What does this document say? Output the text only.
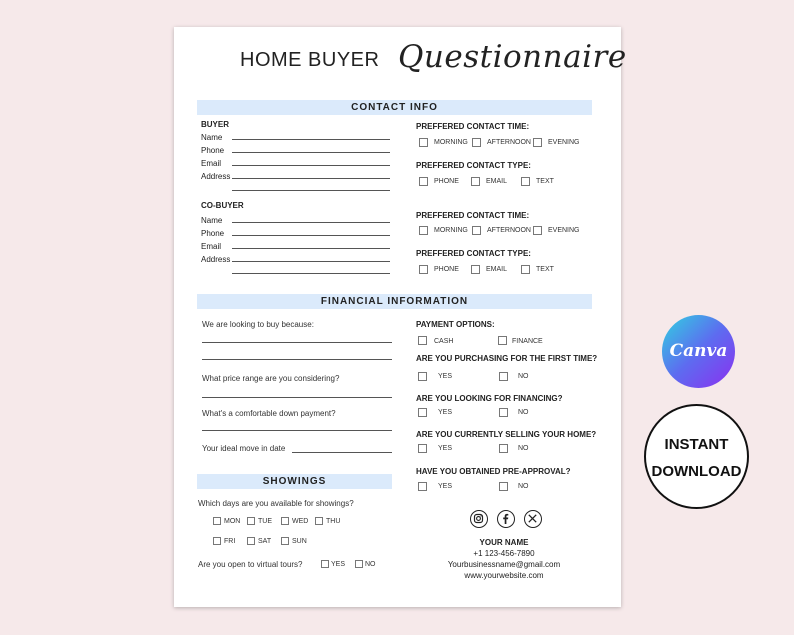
HOME BUYER Questionnaire
CONTACT INFO
BUYER
Name
Phone
Email
Address
PREFFERED CONTACT TIME:
MORNING	AFTERNOON EVENING
PREFFERED CONTACT TYPE:
PHONE	EMAIL	TEXT
CO-BUYER
Name
Phone
Email
Address
PREFFERED CONTACT TIME:
MORNING	AFTERNOON EVENING
PREFFERED CONTACT TYPE:
PHONE	EMAIL	TEXT
FINANCIAL INFORMATION
We are looking to buy because:
What price range are you considering?
What's a comfortable down payment?
Your ideal move in date
PAYMENT OPTIONS:
CASH	FINANCE
ARE YOU PURCHASING FOR THE FIRST TIME?
YES	NO
ARE YOU LOOKING FOR FINANCING?
YES	NO
ARE YOU CURRENTLY SELLING YOUR HOME?
YES	NO
HAVE YOU OBTAINED PRE-APPROVAL?
YES	NO
SHOWINGS
Which days are you available for showings?
MON	TUE	WED	THU
FRI	SAT	SUN
Are you open to virtual tours?	YES	NO
YOUR NAME
+1 123-456-7890
Yourbusinessname@gmail.com
www.yourwebsite.com
Canva
INSTANT
DOWNLOAD
